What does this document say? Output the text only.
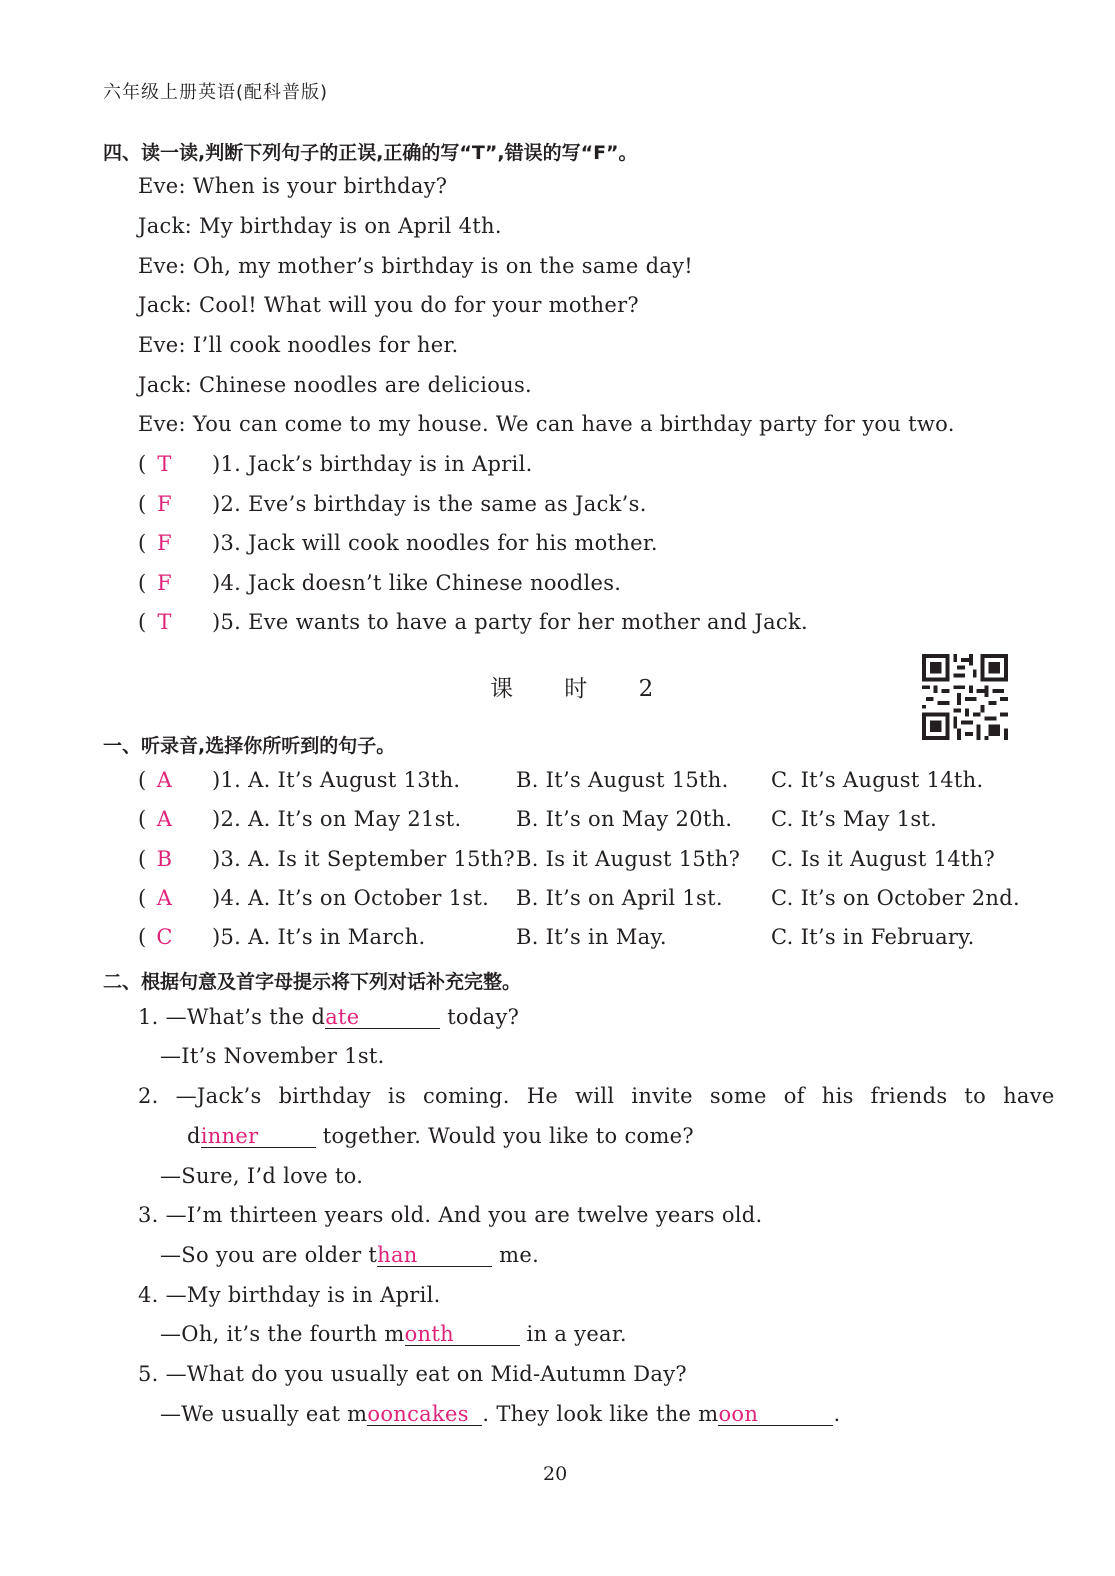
六年级上册英语(配科普版)
四、读一读,判断下列句子的正误,正确的写“T”,错误的写“F”。
Eve: When is your birthday?
Jack: My birthday is on April 4th.
Eve: Oh, my mother’s birthday is on the same day!
Jack: Cool! What will you do for your mother?
Eve: I’ll cook noodles for her.
Jack: Chinese noodles are delicious.
Eve: You can come to my house. We can have a birthday party for you two.
( T )1. Jack’s birthday is in April.
( F )2. Eve’s birthday is the same as Jack’s.
( F )3. Jack will cook noodles for his mother.
( F )4. Jack doesn’t like Chinese noodles.
( T )5. Eve wants to have a party for her mother and Jack.
课 时 2
一、听录音,选择你所听到的句子。
( A )1. A. It’s August 13th.	B. It’s August 15th. C. It’s August 14th.
( A )2. A. It’s on May 21st.	B. It’s on May 20th. C. It’s May 1st.
( B )3. A. Is it September 15th? B. Is it August 15th? C. Is it August 14th?
( A )4. A. It’s on October 1st. B. It’s on April 1st. C. It’s on October 2nd.
( C )5. A. It’s in March.	B. It’s in May.	C. It’s in February.
二、根据句意及首字母提示将下列对话补充完整。
1. —What’s the date	today?
—It’s November 1st.
2. —Jack’s birthday is coming. He will invite some of his friends to have
dinner	together. Would you like to come?
—Sure, I’d love to.
3. —I’m thirteen years old. And you are twelve years old.
—So you are older than	me.
4. —My birthday is in April.
—Oh, it’s the fourth month	in a year.
5. —What do you usually eat on Mid-Autumn Day?
—We usually eat mooncakes . They look like the moon	.
20
